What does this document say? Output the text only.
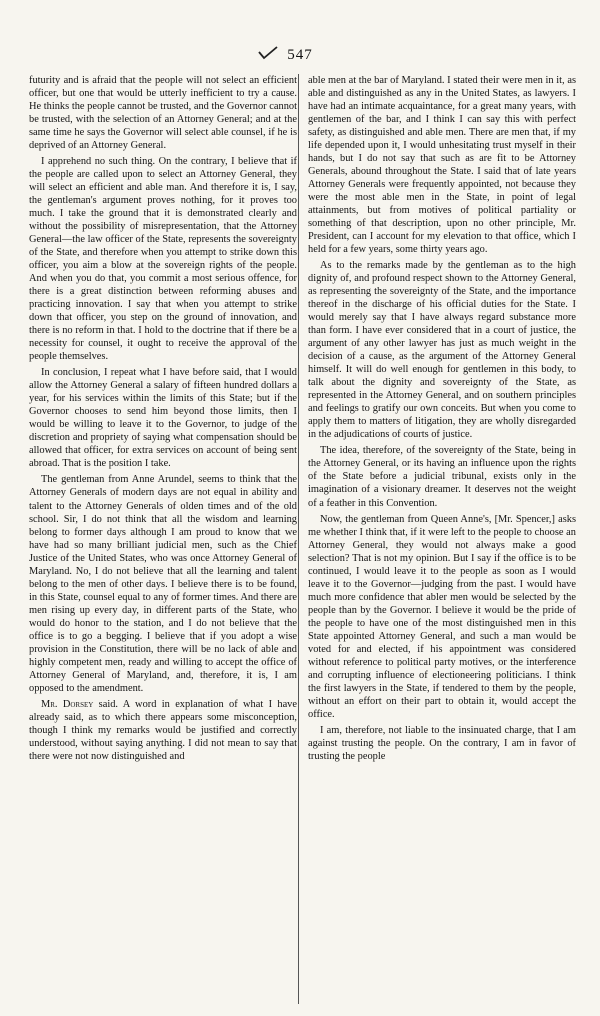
547

futurity and is afraid that the people will not select an efficient officer, but one that would be utterly inefficient to try a cause. He thinks the people cannot be trusted, and the Governor cannot be trusted, with the selection of an Attorney General; and at the same time he says the Governor will select able counsel, if he is deprived of an Attorney General.

I apprehend no such thing. On the contrary, I believe that if the people are called upon to select an Attorney General, they will select an efficient and able man. And therefore it is, I say, the gentleman's argument proves nothing, for it proves too much. I take the ground that it is demonstrated clearly and without the possibility of misrepresentation, that the Attorney General—the law officer of the State, represents the sovereignty of the State, and therefore when you attempt to strike down this officer, you aim a blow at the sovereign rights of the people. And when you do that, you commit a most serious offence, for there is a great distinction between reforming abuses and practicing innovation. I say that when you attempt to strike down that officer, you step on the ground of innovation, and there is no reform in that. I hold to the doctrine that if there be a necessity for counsel, it ought to receive the approval of the people themselves.

In conclusion, I repeat what I have before said, that I would allow the Attorney General a salary of fifteen hundred dollars a year, for his services within the limits of this State; but if the Governor chooses to send him beyond those limits, then I would be willing to leave it to the Governor, to judge of the discretion and propriety of saying what compensation should be allowed that officer, for extra services on account of being sent abroad. That is the position I take.

The gentleman from Anne Arundel, seems to think that the Attorney Generals of modern days are not equal in ability and talent to the Attorney Generals of olden times and of the old school. Sir, I do not think that all the wisdom and learning belong to former days although I am proud to know that we have had so many brilliant judicial men, such as the Chief Justice of the United States, who was once Attorney General of Maryland. No, I do not believe that all the learning and talent belong to the men of other days. I believe there is to be found, in this State, counsel equal to any of former times. And there are men rising up every day, in different parts of the State, who would do honor to the station, and I do not believe that the office is to go a begging. I believe that if you adopt a wise provision in the Constitution, there will be no lack of able and highly competent men, ready and willing to accept the office of Attorney General of Maryland, and, therefore, it is, I am opposed to the amendment.

Mr. Dorsey said. A word in explanation of what I have already said, as to which there appears some misconception, though I think my remarks would be justified and correctly understood, without saying anything. I did not mean to say that there were not now distinguished and

able men at the bar of Maryland. I stated their were men in it, as able and distinguished as any in the United States, as lawyers. I have had an intimate acquaintance, for a great many years, with gentlemen of the bar, and I think I can say this with perfect safety, as distinguished and able men. There are men that, if my life depended upon it, I would unhesitating trust myself in their hands, but I do not say that such as are fit to be Attorney Generals, abound throughout the State. I said that of late years Attorney Generals were frequently appointed, not because they were the most able men in the State, in point of legal attainments, but from motives of political partiality or something of that description, upon no other principle, Mr. President, can I account for my elevation to that office, which I held for a few years, some thirty years ago.

As to the remarks made by the gentleman as to the high dignity of, and profound respect shown to the Attorney General, as representing the sovereignty of the State, and the importance thereof in the discharge of his official duties for the State. I would merely say that I have always regard substance more than form. I have ever considered that in a court of justice, the argument of any other lawyer has just as much weight in the decision of a cause, as the argument of the Attorney General himself. It will do well enough for gentlemen in this body, to talk about the dignity and sovereignty of the State, as represented in the Attorney General, and on southern principles and feelings to gratify our own conceits. But when you come to apply them to matters of litigation, they are wholly disregarded in the adjudications of courts of justice.

The idea, therefore, of the sovereignty of the State, being in the Attorney General, or its having an influence upon the rights of the State before a judicial tribunal, exists only in the imagination of a visionary dreamer. It deserves not the weight of a feather in this Convention.

Now, the gentleman from Queen Anne's, [Mr. Spencer,] asks me whether I think that, if it were left to the people to choose an Attorney General, they would not always make a good selection? That is not my opinion. But I say if the office is to be continued, I would leave it to the people as soon as I would leave it to the Governor—judging from the past. I would have much more confidence that abler men would be selected by the people than by the Governor. I believe it would be the pride of the people to have one of the most distinguished men in this State appointed Attorney General, and such a man would be voted for and elected, if his appointment was considered without reference to political party motives, or the interference and corrupting influence of electioneering politicians. I think the first lawyers in the State, if tendered to them by the people, without an effort on their part to obtain it, would accept the office.

I am, therefore, not liable to the insinuated charge, that I am against trusting the people. On the contrary, I am in favor of trusting the people
